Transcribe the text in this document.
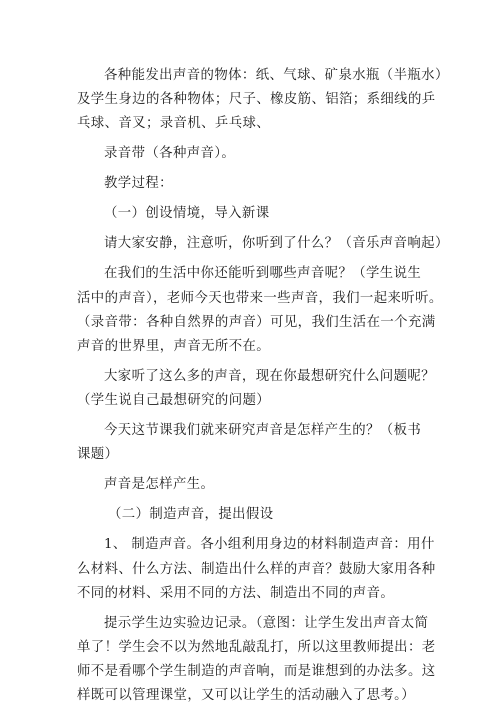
各种能发出声音的物体：纸、气球、矿泉水瓶（半瓶水）
及学生身边的各种物体；尺子、橡皮筋、铝箔；系细线的乒
乓球、音叉；录音机、乒乓球、

录音带（各种声音）。

教学过程：

（一）创设情境，导入新课

请大家安静，注意听，你听到了什么？（音乐声音响起）

在我们的生活中你还能听到哪些声音呢？（学生说生
活中的声音），老师今天也带来一些声音，我们一起来听听。
（录音带：各种自然界的声音）可见，我们生活在一个充满
声音的世界里，声音无所不在。

大家听了这么多的声音，现在你最想研究什么问题呢？
（学生说自己最想研究的问题）

今天这节课我们就来研究声音是怎样产生的？（板书
课题）

声音是怎样产生。

（二）制造声音，提出假设

1、 制造声音。各小组利用身边的材料制造声音：用什
么材料、什么方法、制造出什么样的声音？鼓励大家用各种
不同的材料、采用不同的方法、制造出不同的声音。

提示学生边实验边记录。（意图：让学生发出声音太简
单了！学生会不以为然地乱敲乱打，所以这里教师提出：老
师不是看哪个学生制造的声音响，而是谁想到的办法多。这
样既可以管理课堂，又可以让学生的活动融入了思考。）
